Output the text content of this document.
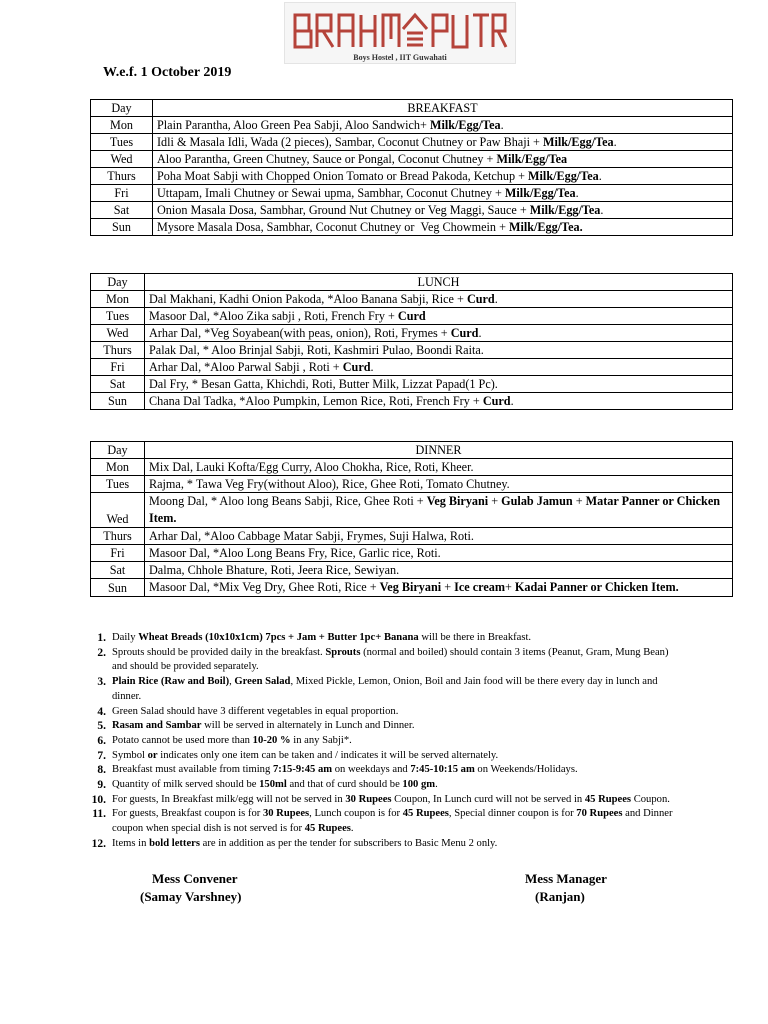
Boys Hostel , IIT Guwahati
W.e.f. 1 October 2019
Day	BREAKFAST
Mon	Plain Parantha, Aloo Green Pea Sabji, Aloo Sandwich+ Milk/Egg/Tea.
Tues	Idli & Masala Idli, Wada (2 pieces), Sambar, Coconut Chutney or Paw Bhaji + Milk/Egg/Tea.
Wed	Aloo Parantha, Green Chutney, Sauce or Pongal, Coconut Chutney + Milk/Egg/Tea
Thurs	Poha Moat Sabji with Chopped Onion Tomato or Bread Pakoda, Ketchup + Milk/Egg/Tea.
Fri	Uttapam, Imali Chutney or Sewai upma, Sambhar, Coconut Chutney + Milk/Egg/Tea.
Sat	Onion Masala Dosa, Sambhar, Ground Nut Chutney or Veg Maggi, Sauce + Milk/Egg/Tea.
Sun	Mysore Masala Dosa, Sambhar, Coconut Chutney or  Veg Chowmein + Milk/Egg/Tea.
Day	LUNCH
Mon	Dal Makhani, Kadhi Onion Pakoda, *Aloo Banana Sabji, Rice + Curd.
Tues	Masoor Dal, *Aloo Zika sabji , Roti, French Fry + Curd
Wed	Arhar Dal, *Veg Soyabean(with peas, onion), Roti, Frymes + Curd.
Thurs	Palak Dal, * Aloo Brinjal Sabji, Roti, Kashmiri Pulao, Boondi Raita.
Fri	Arhar Dal, *Aloo Parwal Sabji , Roti + Curd.
Sat	Dal Fry, * Besan Gatta, Khichdi, Roti, Butter Milk, Lizzat Papad(1 Pc).
Sun	Chana Dal Tadka, *Aloo Pumpkin, Lemon Rice, Roti, French Fry + Curd.
Day	DINNER
Mon	Mix Dal, Lauki Kofta/Egg Curry, Aloo Chokha, Rice, Roti, Kheer.
Tues	Rajma, * Tawa Veg Fry(without Aloo), Rice, Ghee Roti, Tomato Chutney.
Wed	Moong Dal, * Aloo long Beans Sabji, Rice, Ghee Roti + Veg Biryani + Gulab Jamun + Matar Panner or Chicken Item.
Thurs	Arhar Dal, *Aloo Cabbage Matar Sabji, Frymes, Suji Halwa, Roti.
Fri	Masoor Dal, *Aloo Long Beans Fry, Rice, Garlic rice, Roti.
Sat	Dalma, Chhole Bhature, Roti, Jeera Rice, Sewiyan.
Sun	Masoor Dal, *Mix Veg Dry, Ghee Roti, Rice + Veg Biryani + Ice cream+ Kadai Panner or Chicken Item.
1. Daily Wheat Breads (10x10x1cm) 7pcs + Jam + Butter 1pc+ Banana will be there in Breakfast.
2. Sprouts should be provided daily in the breakfast. Sprouts (normal and boiled) should contain 3 items (Peanut, Gram, Mung Bean) and should be provided separately.
3. Plain Rice (Raw and Boil), Green Salad, Mixed Pickle, Lemon, Onion, Boil and Jain food will be there every day in lunch and dinner.
4. Green Salad should have 3 different vegetables in equal proportion.
5. Rasam and Sambar will be served in alternately in Lunch and Dinner.
6. Potato cannot be used more than 10-20 % in any Sabji*.
7. Symbol or indicates only one item can be taken and / indicates it will be served alternately.
8. Breakfast must available from timing 7:15-9:45 am on weekdays and 7:45-10:15 am on Weekends/Holidays.
9. Quantity of milk served should be 150ml and that of curd should be 100 gm.
10. For guests, In Breakfast milk/egg will not be served in 30 Rupees Coupon, In Lunch curd will not be served in 45 Rupees Coupon.
11. For guests, Breakfast coupon is for 30 Rupees, Lunch coupon is for 45 Rupees, Special dinner coupon is for 70 Rupees and Dinner coupon when special dish is not served is for 45 Rupees.
12. Items in bold letters are in addition as per the tender for subscribers to Basic Menu 2 only.
Mess Convener
(Samay Varshney)
Mess Manager
(Ranjan)
